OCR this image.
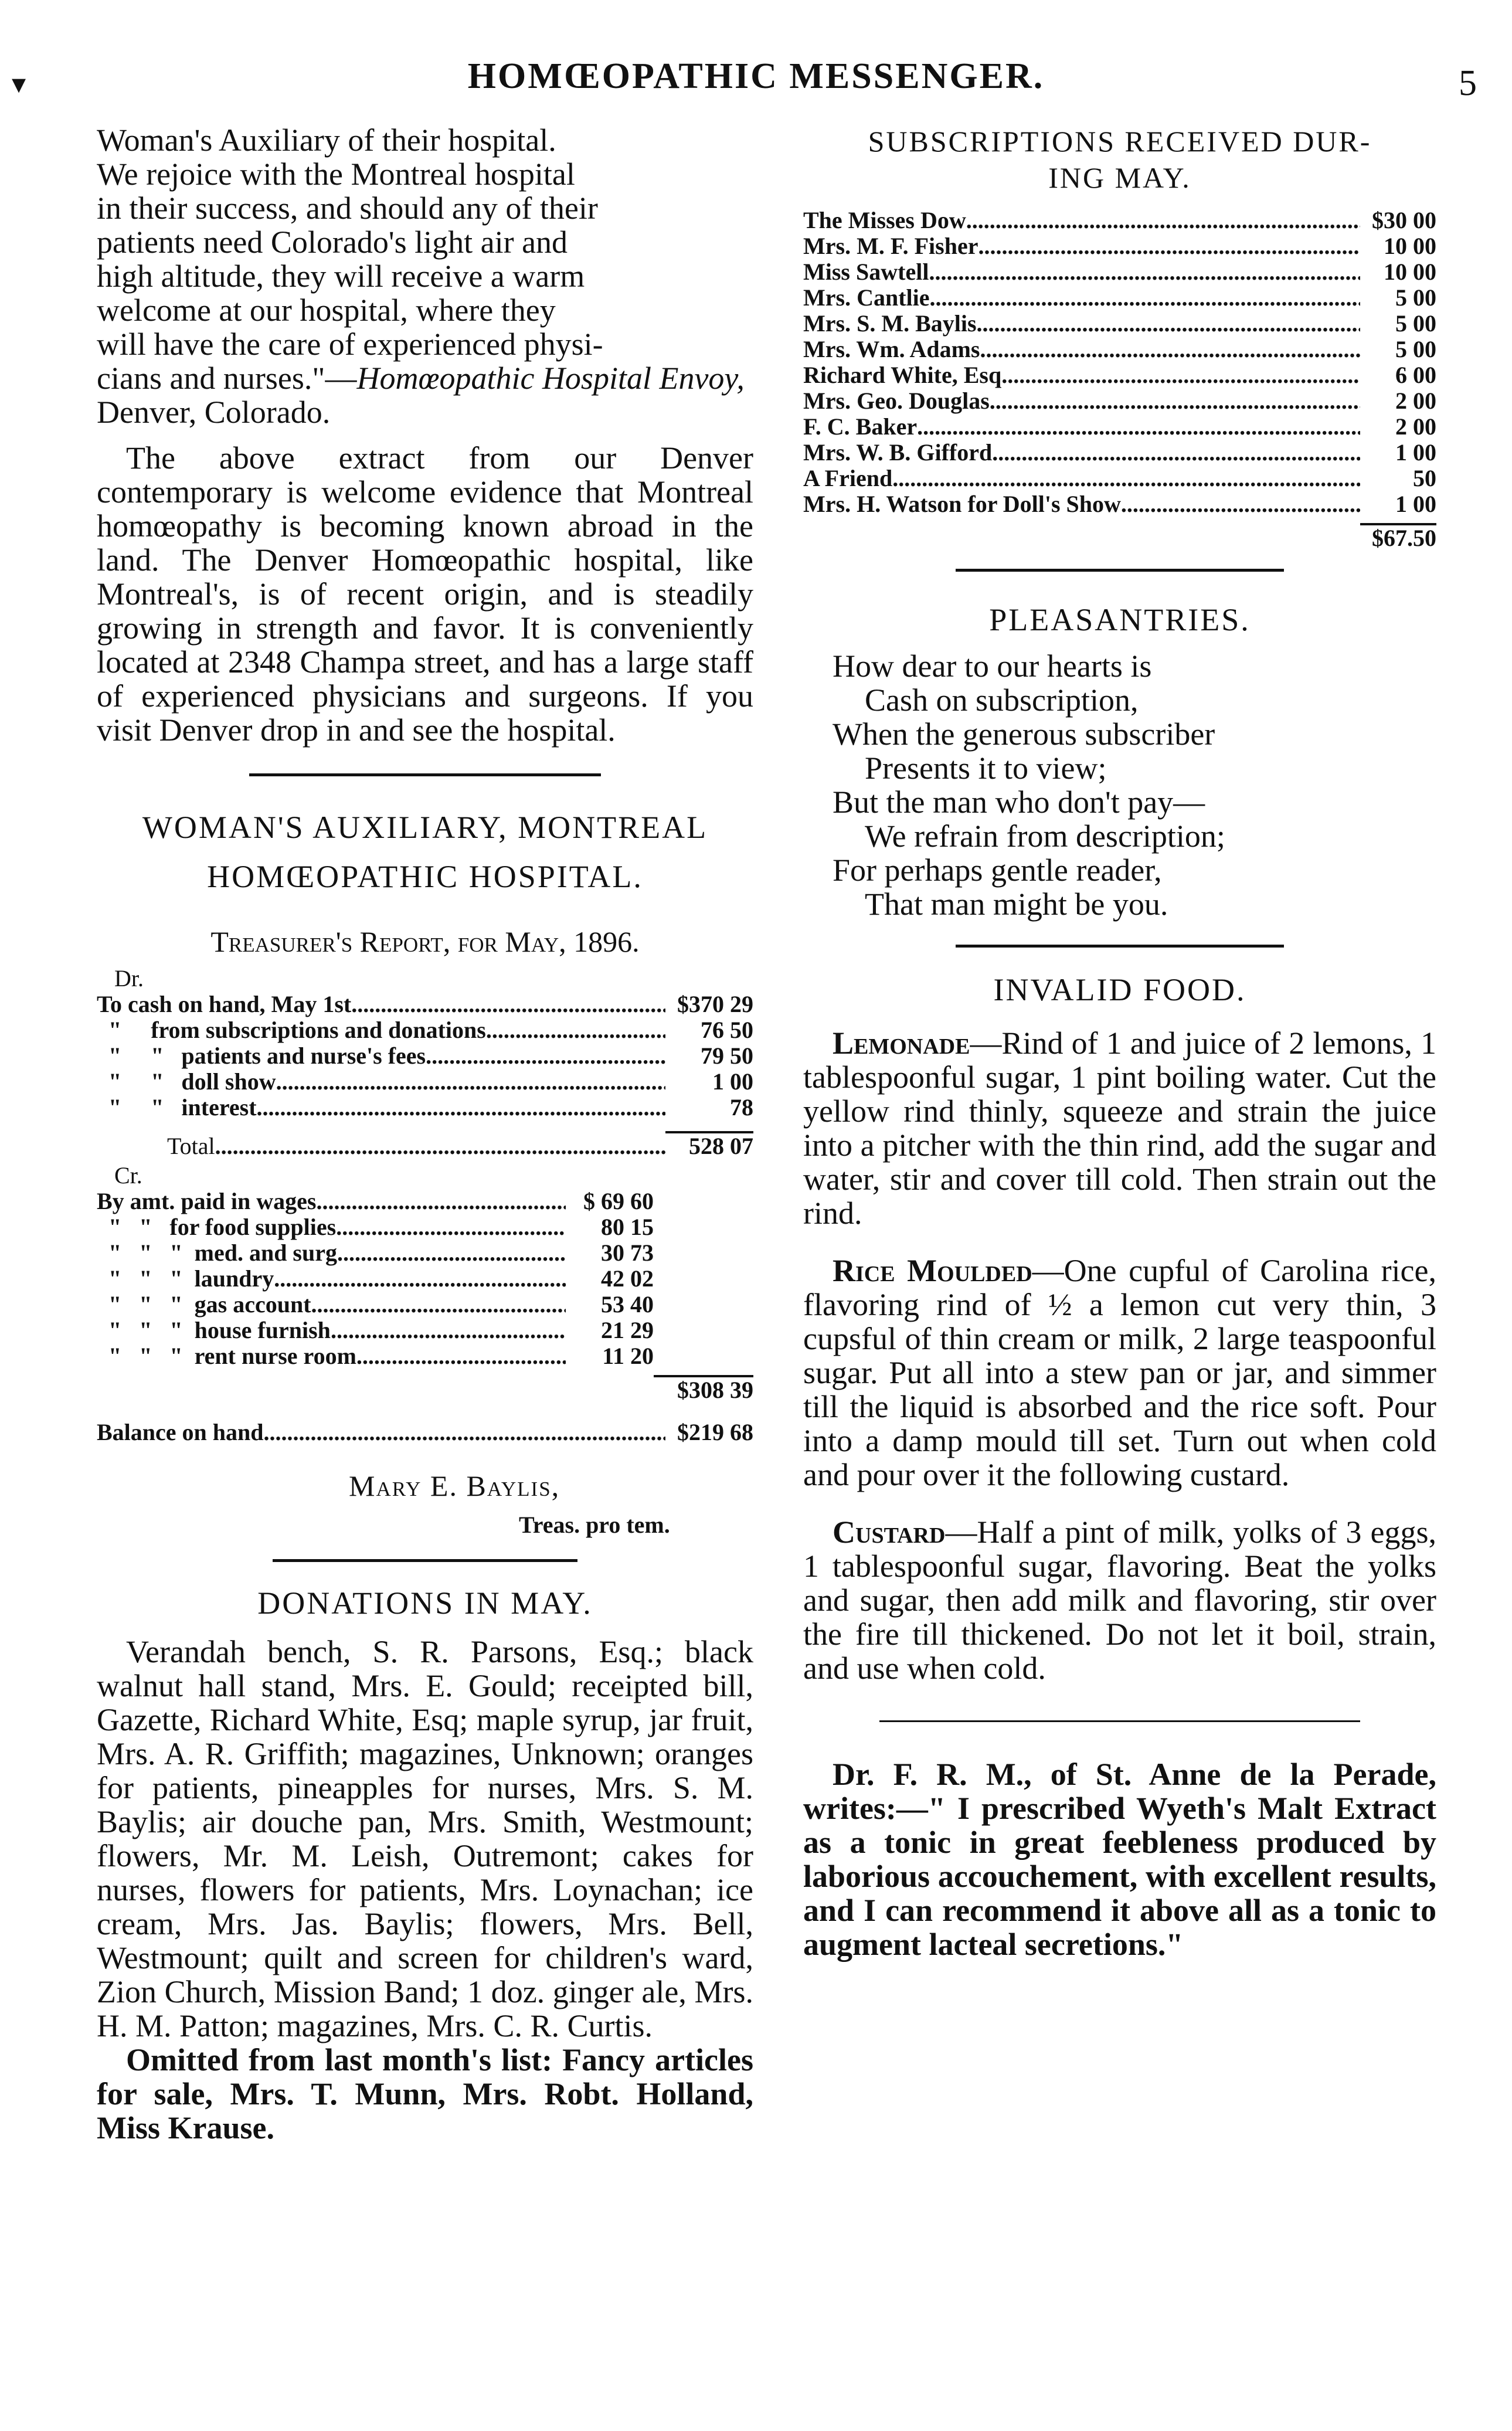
▾	HOMŒOPATHIC MESSENGER.	5

Woman's Auxiliary of their hospital.

We rejoice with the Montreal hospital

in their success, and should any of their

patients need Colorado's light air and

high altitude, they will receive a warm

welcome at our hospital, where they

will have the care of experienced physi-

cians and nurses."—Homœopathic Hospital Envoy, Denver, Colorado.

The above extract from our Denver contemporary is welcome evidence that Montreal homœopathy is becoming known abroad in the land. The Denver Homœopathic hospital, like Montreal's, is of recent origin, and is steadily growing in strength and favor. It is conveniently located at 2348 Champa street, and has a large staff of experienced physicians and surgeons. If you visit Denver drop in and see the hospital.

WOMAN'S AUXILIARY, MONTREAL
HOMŒOPATHIC HOSPITAL.

Treasurer's Report, for May, 1896.

Dr.

To cash on hand, May 1st .....	$370 29
"     from subscriptions and donations. .....	76 50
"     "   patients and nurse's fees.... .....	79 50
"     "   doll show .....	1 00
"     "   interest .....	78
Total .....	528 07

Cr.

By amt. paid in wages .....	$ 69 60
"   "   for food supplies .....	80 15
"   "   "  med. and surg .....	30 73
"   "   "  laundry .....	42 02
"   "   "  gas account .....	53 40
"   "   "  house furnish .....	21 29
"   "   "  rent nurse room .....	11 20
$308 39
Balance on hand .....	$219 68

Mary E. Baylis,

Treas. pro tem.

DONATIONS IN MAY.

Verandah bench, S. R. Parsons, Esq.; black walnut hall stand, Mrs. E. Gould; receipted bill, Gazette, Richard White, Esq; maple syrup, jar fruit, Mrs. A. R. Griffith; magazines, Unknown; oranges for patients, pineapples for nurses, Mrs. S. M. Baylis; air douche pan, Mrs. Smith, Westmount; flowers, Mr. M. Leish, Outremont; cakes for nurses, flowers for patients, Mrs. Loynachan; ice cream, Mrs. Jas. Baylis; flowers, Mrs. Bell, Westmount; quilt and screen for children's ward, Zion Church, Mission Band; 1 doz. ginger ale, Mrs. H. M. Patton; magazines, Mrs. C. R. Curtis.

Omitted from last month's list: Fancy articles for sale, Mrs. T. Munn, Mrs. Robt. Holland, Miss Krause.

SUBSCRIPTIONS RECEIVED DUR-
ING MAY.
The Misses Dow .....	$30 00
Mrs. M. F. Fisher .....	10 00
Miss Sawtell .....	10 00
Mrs. Cantlie .....	5 00
Mrs. S. M. Baylis .....	5 00
Mrs. Wm. Adams .....	5 00
Richard White, Esq .....	6 00
Mrs. Geo. Douglas .....	2 00
F. C. Baker .....	2 00
Mrs. W. B. Gifford .....	1 00
A Friend .....	50
Mrs. H. Watson for Doll's Show .....	1 00
$67.50
PLEASANTRIES.

How dear to our hearts is

Cash on subscription,

When the generous subscriber

Presents it to view;

But the man who don't pay—

We refrain from description;

For perhaps gentle reader,

That man might be you.

INVALID FOOD.

Lemonade—Rind of 1 and juice of 2 lemons, 1 tablespoonful sugar, 1 pint boiling water. Cut the yellow rind thinly, squeeze and strain the juice into a pitcher with the thin rind, add the sugar and water, stir and cover till cold. Then strain out the rind.

Rice Moulded—One cupful of Carolina rice, flavoring rind of ½ a lemon cut very thin, 3 cupsful of thin cream or milk, 2 large teaspoonful sugar. Put all into a stew pan or jar, and simmer till the liquid is absorbed and the rice soft. Pour into a damp mould till set. Turn out when cold and pour over it the following custard.

Custard—Half a pint of milk, yolks of 3 eggs, 1 tablespoonful sugar, flavoring. Beat the yolks and sugar, then add milk and flavoring, stir over the fire till thickened. Do not let it boil, strain, and use when cold.

Dr. F. R. M., of St. Anne de la Perade, writes:—" I prescribed Wyeth's Malt Extract as a tonic in great feebleness produced by laborious accouchement, with excellent results, and I can recommend it above all as a tonic to augment lacteal secretions."
